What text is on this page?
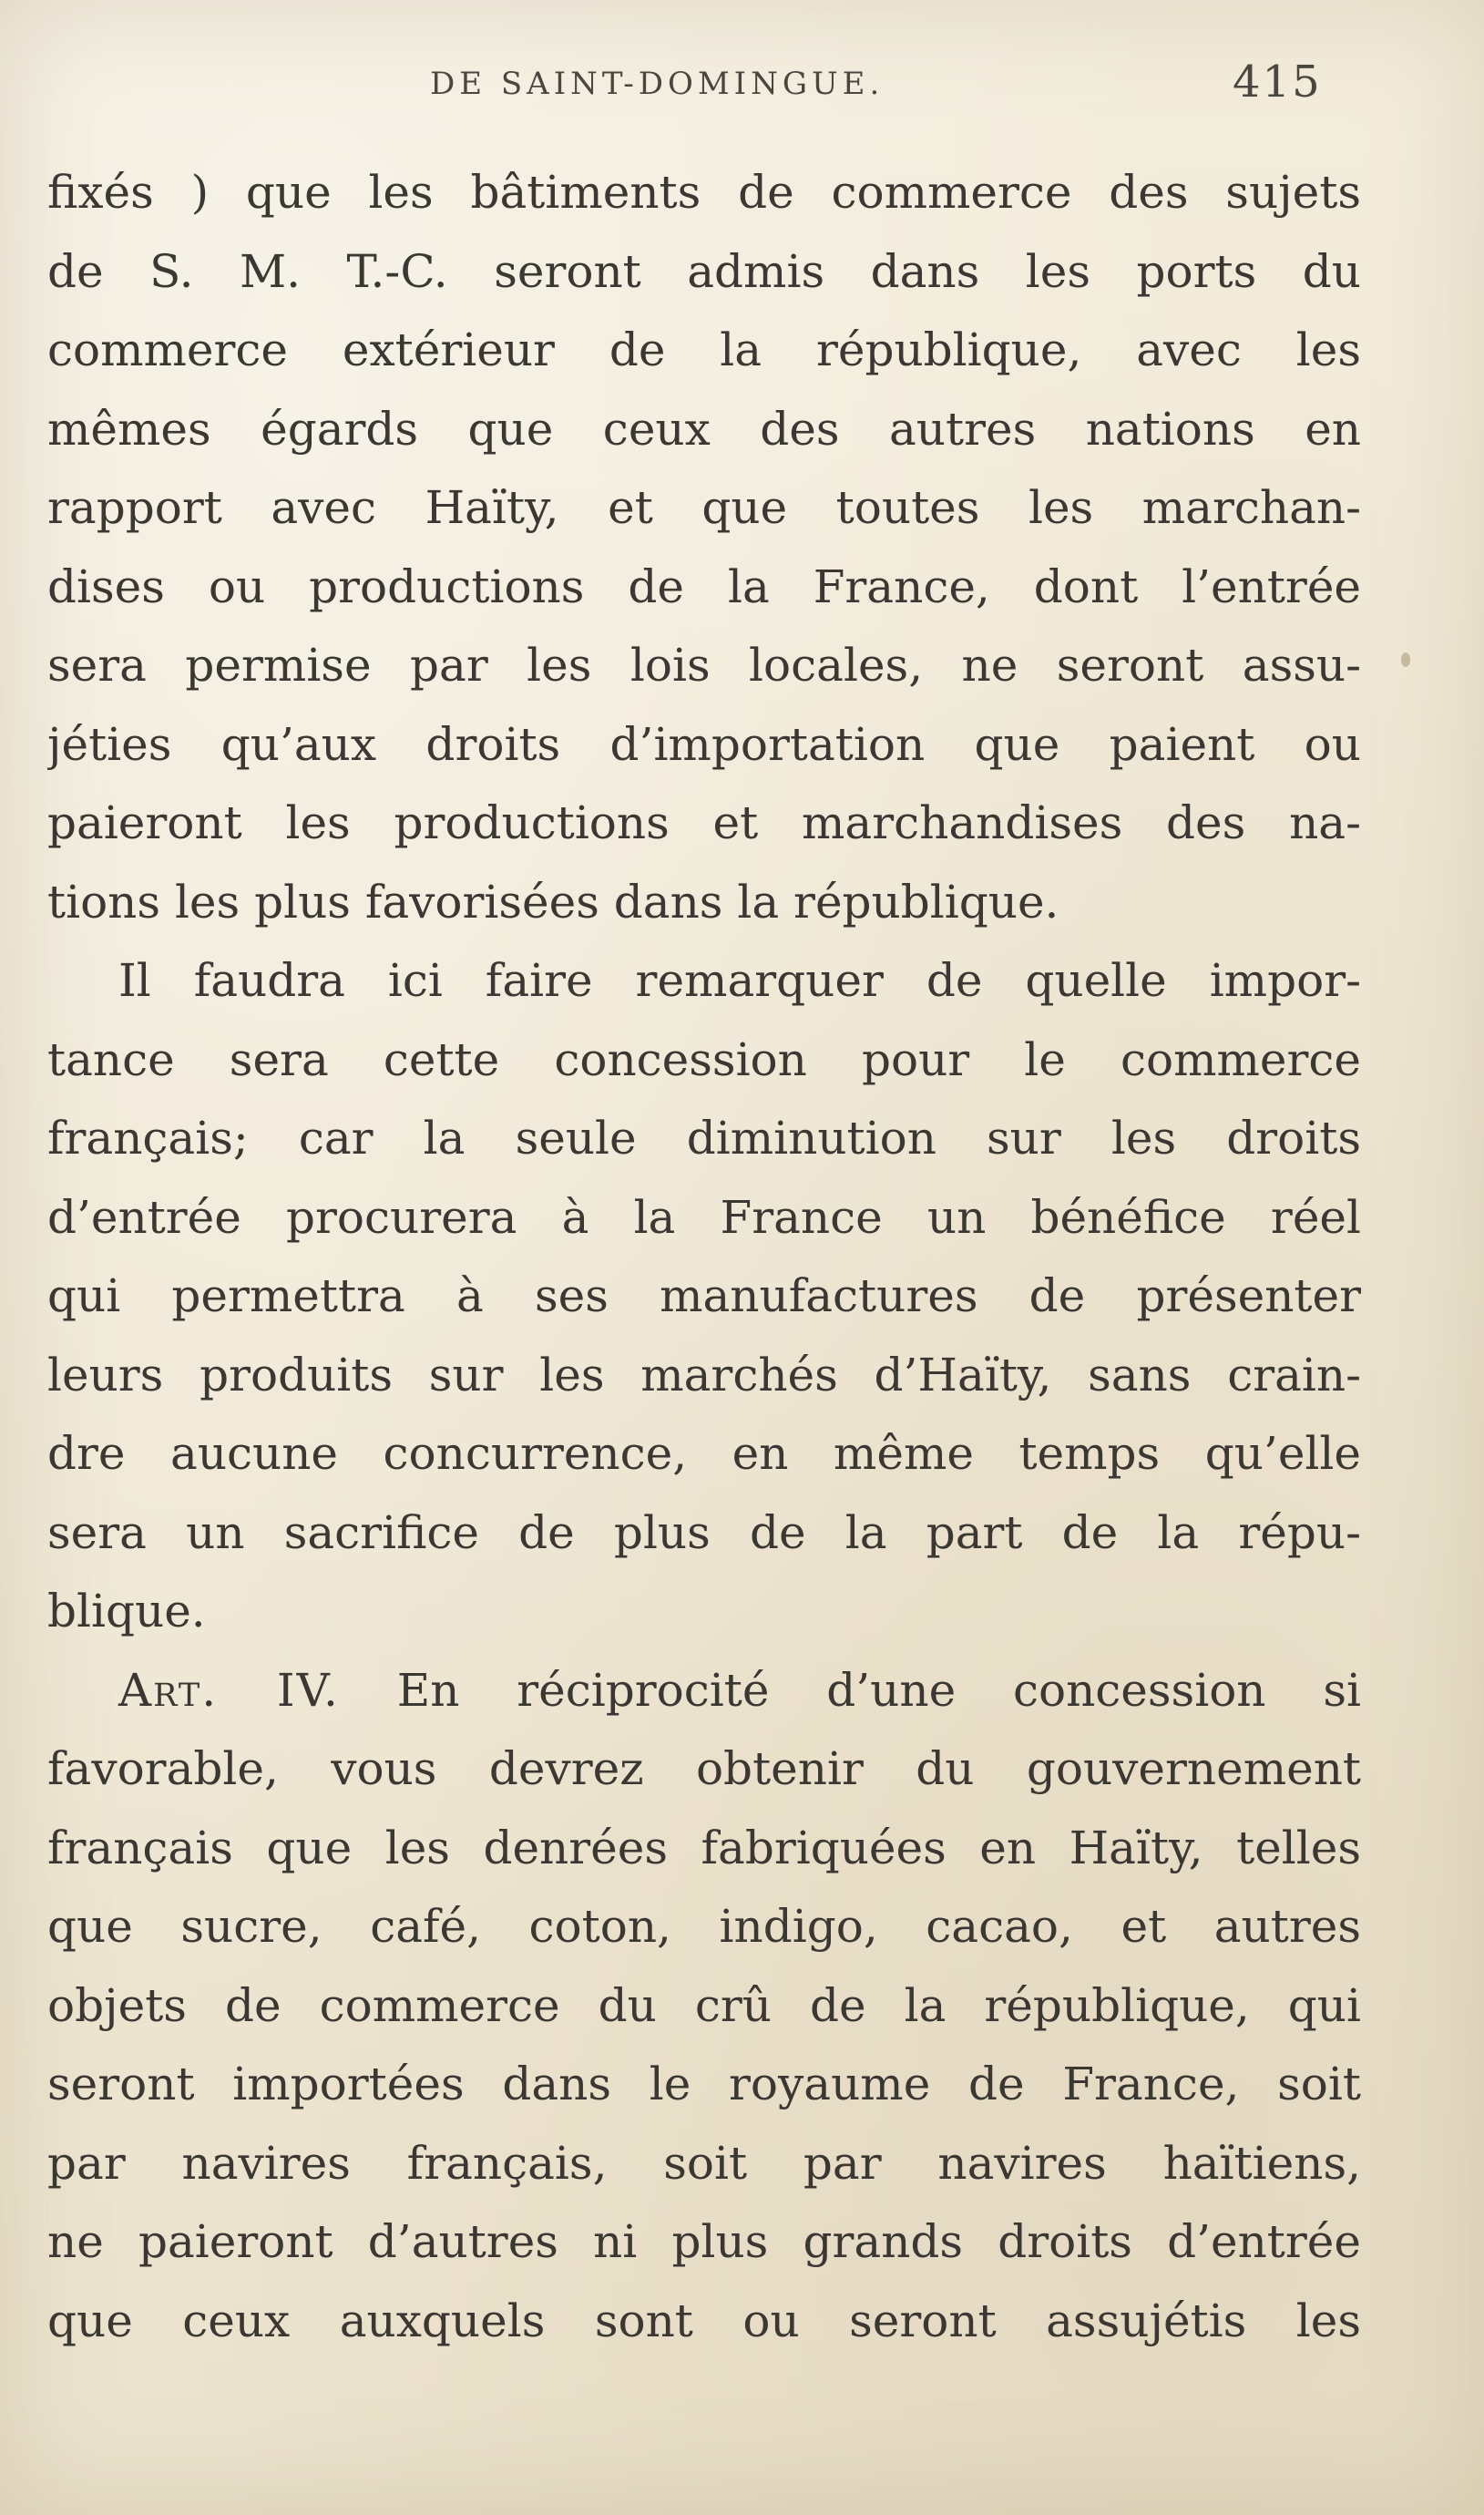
DE SAINT-DOMINGUE.	415
fixés ) que les bâtiments de commerce des sujets
de S. M. T.-C. seront admis dans les ports du
commerce extérieur de la république, avec les
mêmes égards que ceux des autres nations en
rapport avec Haïty, et que toutes les marchan-
dises ou productions de la France, dont l’entrée
sera permise par les lois locales, ne seront assu-
jéties qu’aux droits d’importation que paient ou
paieront les productions et marchandises des na-
tions les plus favorisées dans la république.
Il faudra ici faire remarquer de quelle impor-
tance sera cette concession pour le commerce
français; car la seule diminution sur les droits
d’entrée procurera à la France un bénéfice réel
qui permettra à ses manufactures de présenter
leurs produits sur les marchés d’Haïty, sans crain-
dre aucune concurrence, en même temps qu’elle
sera un sacrifice de plus de la part de la répu-
blique.
Art. IV. En réciprocité d’une concession si
favorable, vous devrez obtenir du gouvernement
français que les denrées fabriquées en Haïty, telles
que sucre, café, coton, indigo, cacao, et autres
objets de commerce du crû de la république, qui
seront importées dans le royaume de France, soit
par navires français, soit par navires haïtiens,
ne paieront d’autres ni plus grands droits d’entrée
que ceux auxquels sont ou seront assujétis les
